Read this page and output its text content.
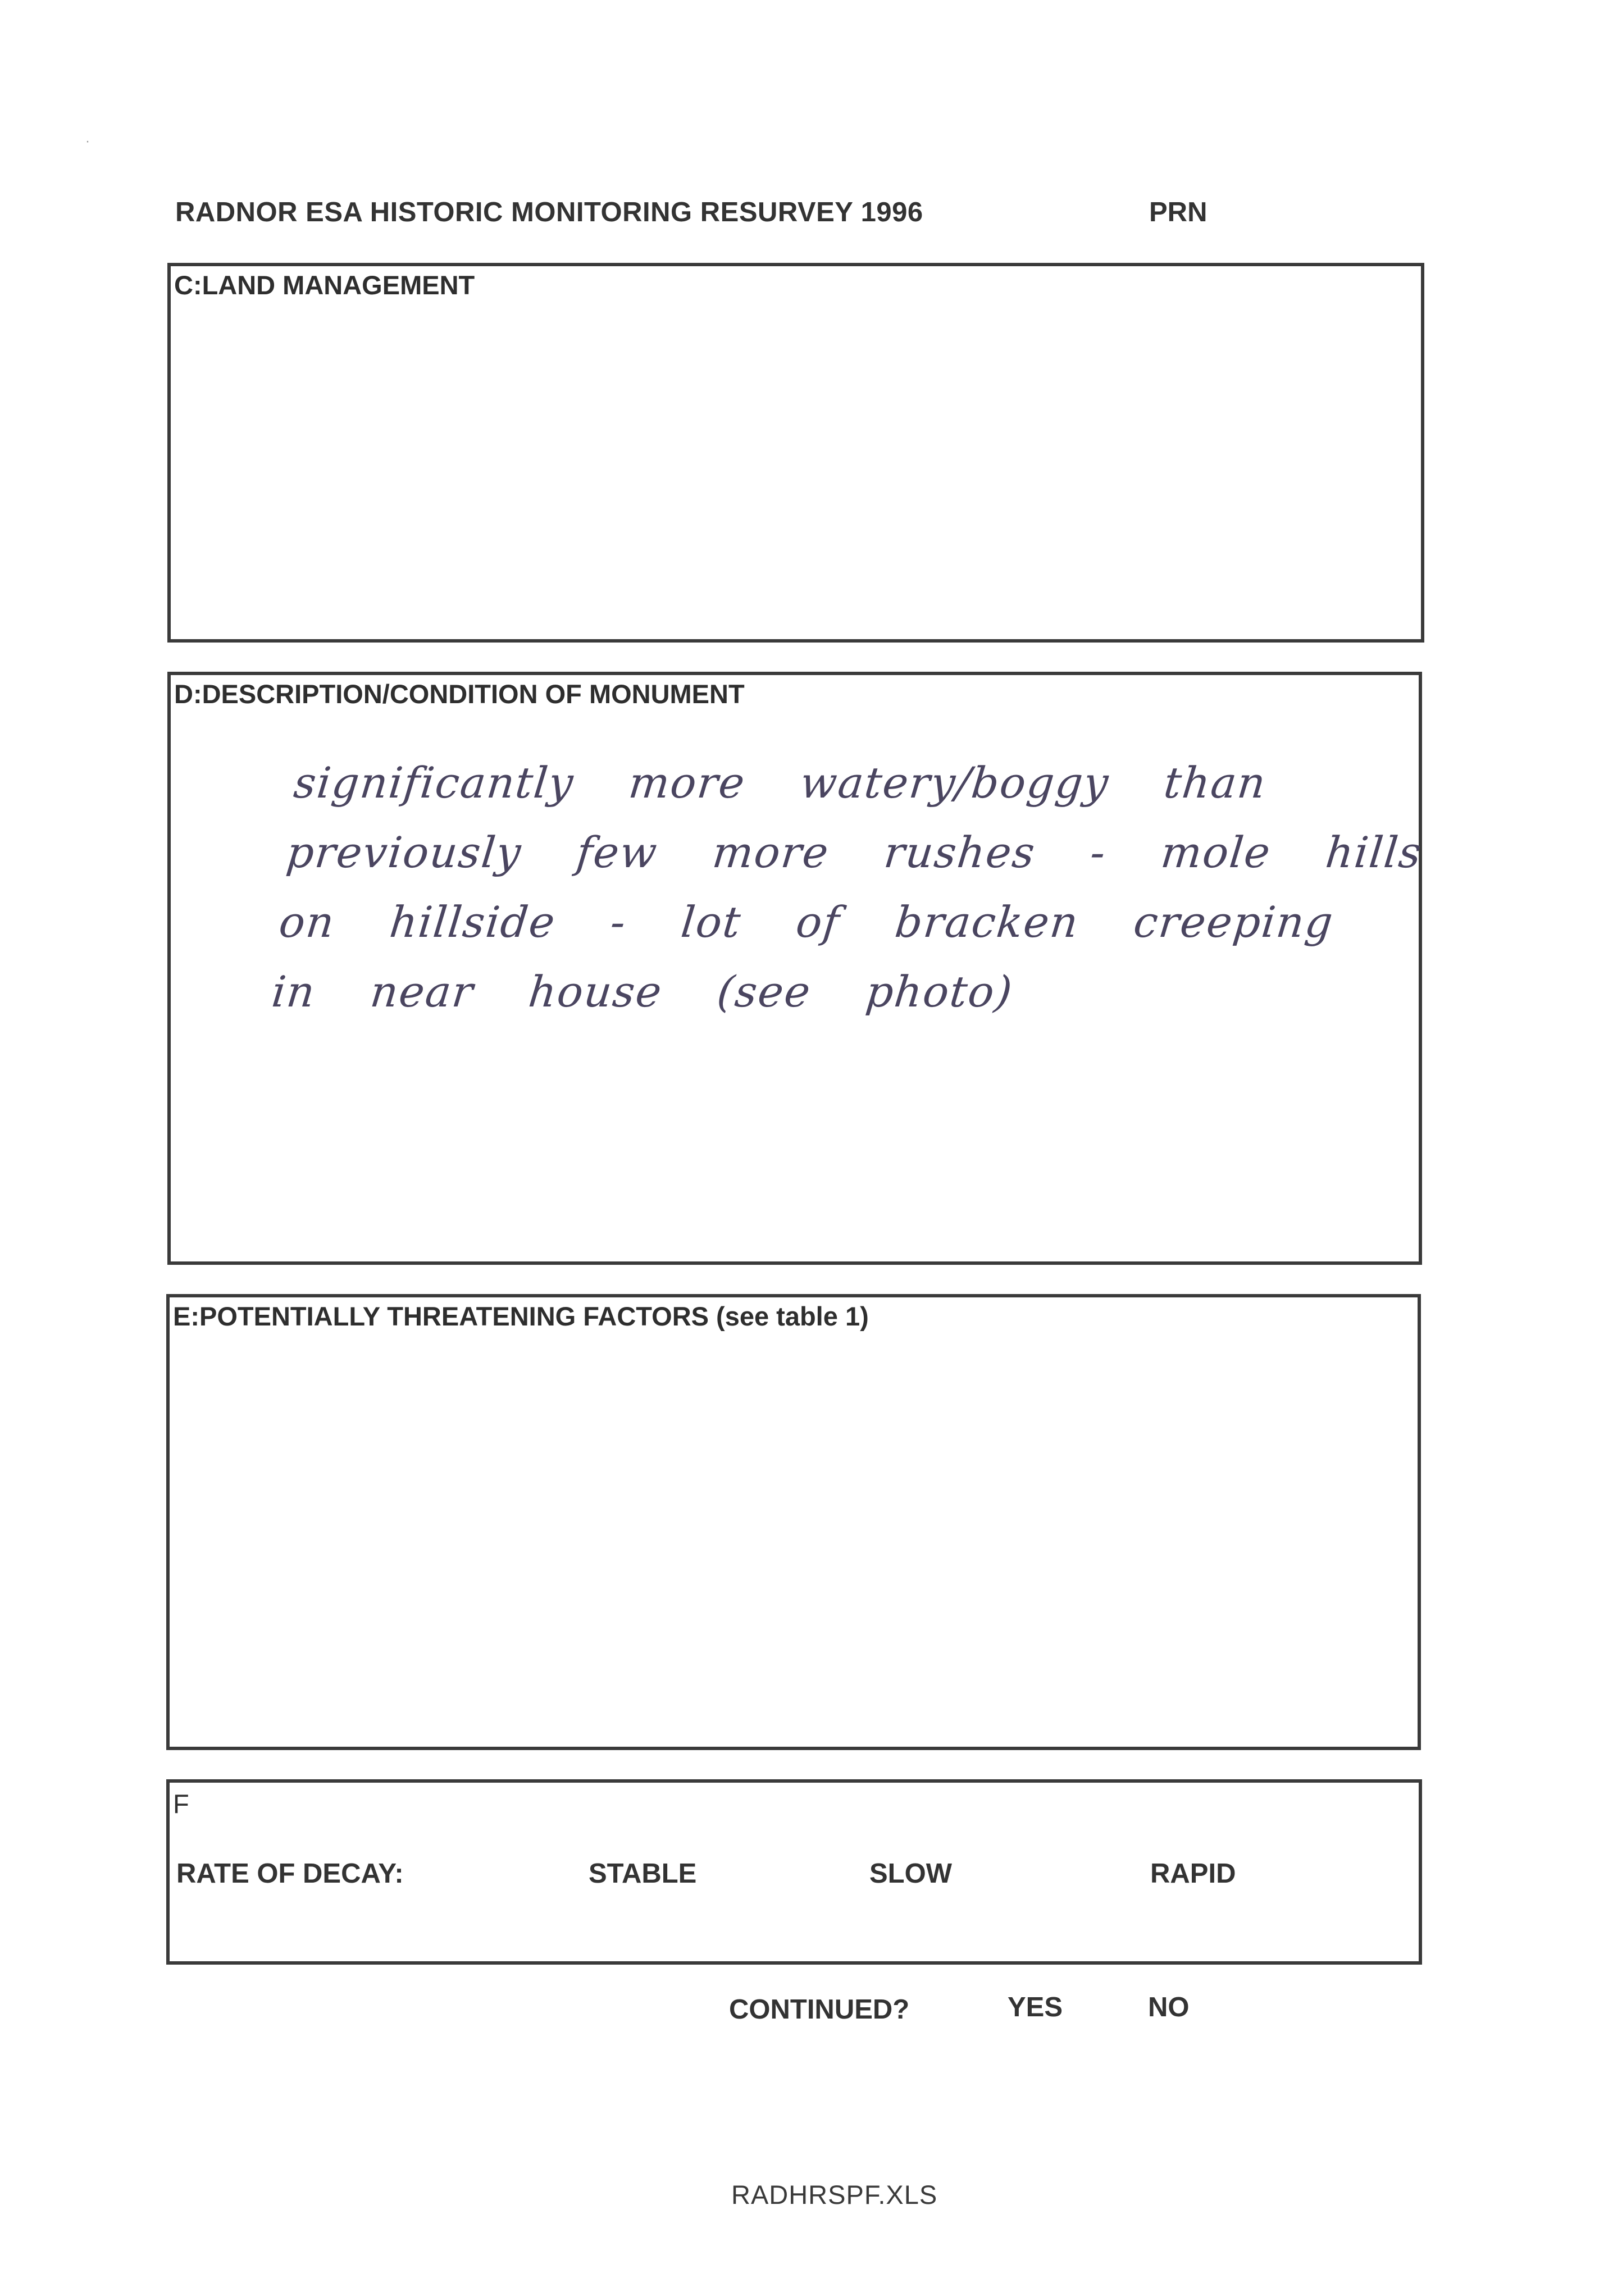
·
RADNOR ESA HISTORIC MONITORING RESURVEY 1996	PRN
C:LAND MANAGEMENT
D:DESCRIPTION/CONDITION OF MONUMENT
significantly more watery/boggy than
previously few more rushes - mole hills
on hillside - lot of bracken creeping
in near house (see photo)
E:POTENTIALLY THREATENING FACTORS (see table 1)
F
RATE OF DECAY:	STABLE	SLOW	RAPID
CONTINUED?	YES	NO
RADHRSPF.XLS
